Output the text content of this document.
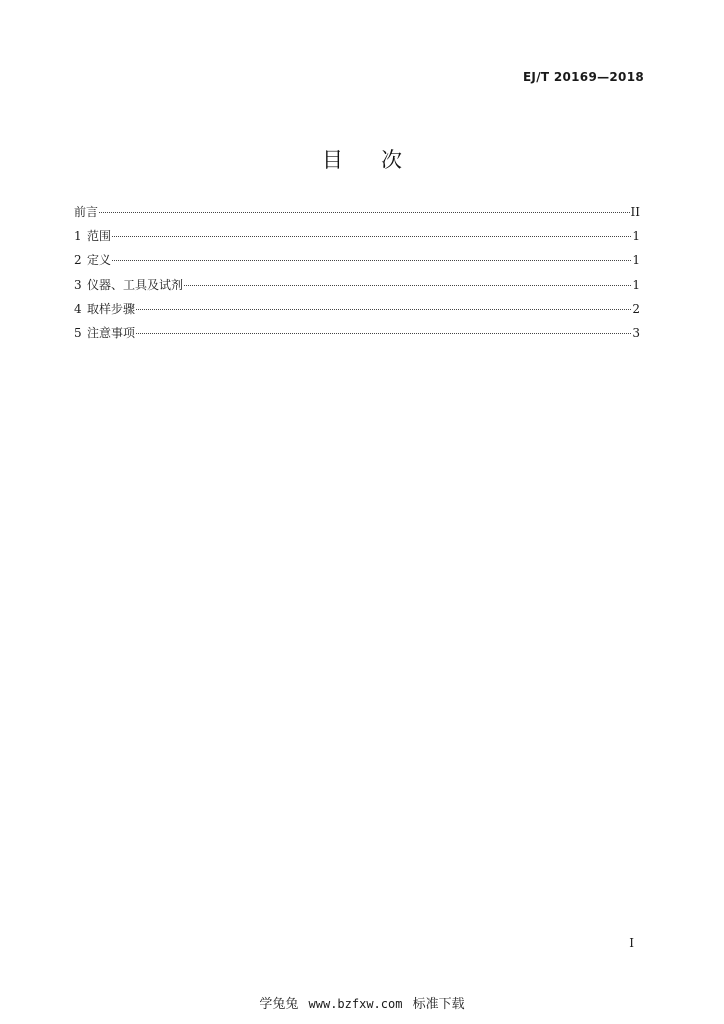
EJ/T 20169—2018
目次
前言	II
1 范围	1
2 定义	1
3 仪器、工具及试剂	1
4 取样步骤	2
5 注意事项	3
I
学兔兔 www.bzfxw.com 标准下载
